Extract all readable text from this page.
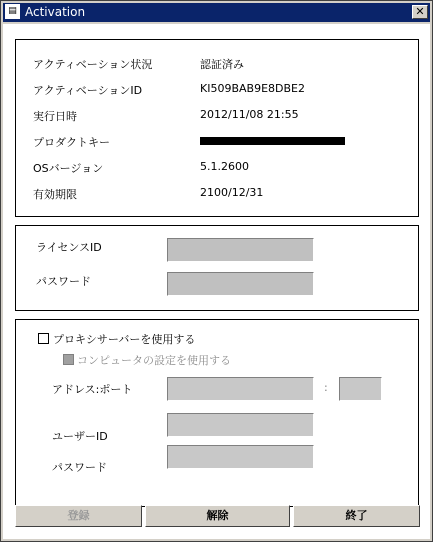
▤ Activation	✕
アクティベーション状況	認証済み
アクティベーションID	KI509BAB9E8DBE2
実行日時	2012/11/08 21:55
プロダクトキー
OSバージョン	5.1.2600
有効期限	2100/12/31
ライセンスID
パスワード
プロキシサーバーを使用する
コンピュータの設定を使用する
アドレス:ポート	:
ユーザーID
パスワード
登録	解除	終了
